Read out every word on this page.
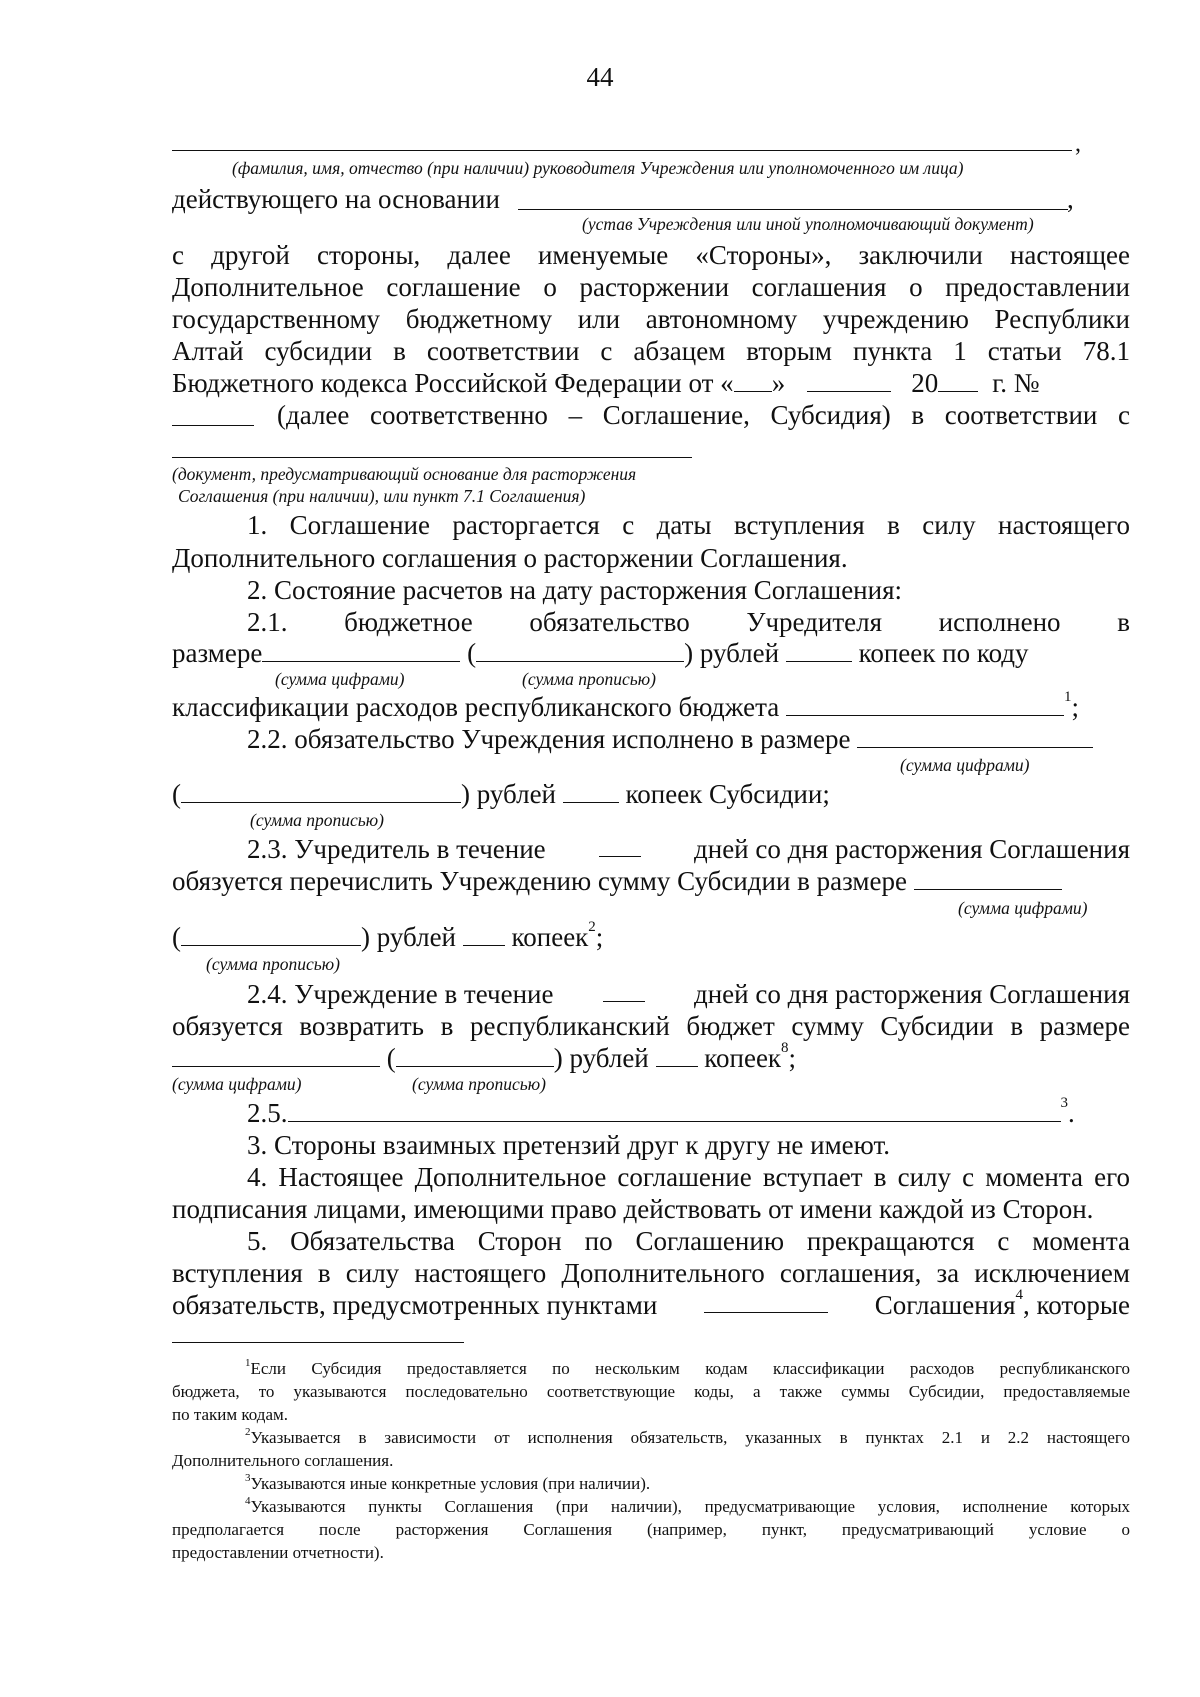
44
,
(фамилия, имя, отчество (при наличии) руководителя Учреждения или уполномоченного им лица)
действующего на основании	,
(устав Учреждения или иной уполномочивающий документ)
с другой стороны, далее именуемые «Стороны», заключили настоящее
Дополнительное соглашение о расторжении соглашения о предоставлении
государственному бюджетному или автономному учреждению Республики
Алтай субсидии в соответствии с абзацем вторым пункта 1 статьи 78.1
Бюджетного кодекса Российской Федерации от « »	20 г. №
(далее соответственно – Соглашение, Субсидия) в соответствии с
(документ, предусматривающий основание для расторжения
Соглашения (при наличии), или пункт 7.1 Соглашения)
1. Соглашение расторгается с даты вступления в силу настоящего
Дополнительного соглашения о расторжении Соглашения.
2. Состояние расчетов на дату расторжения Соглашения:
2.1. бюджетное обязательство Учредителя исполнено в
размере	(	) рублей	копеек по коду
(сумма цифрами)	(сумма прописью)
классификации расходов республиканского бюджета	$^1$;
2.2. обязательство Учреждения исполнено в размере
(сумма цифрами)
(	) рублей	копеек Субсидии;
(сумма прописью)
2.3. Учредитель в течение	дней со дня расторжения Соглашения
обязуется перечислить Учреждению сумму Субсидии в размере
(сумма цифрами)
(	) рублей копеек$^2$;
(сумма прописью)
2.4. Учреждение в течение	дней со дня расторжения Соглашения
обязуется возвратить в республиканский бюджет сумму Субсидии в размере
(	) рублей копеек$^8$;
(сумма цифрами)	(сумма прописью)
2.5.	$^3$.
3. Стороны взаимных претензий друг к другу не имеют.
4. Настоящее Дополнительное соглашение вступает в силу с момента его
подписания лицами, имеющими право действовать от имени каждой из Сторон.
5. Обязательства Сторон по Соглашению прекращаются с момента
вступления в силу настоящего Дополнительного соглашения, за исключением
обязательств, предусмотренных пунктами	Соглашения$^4$, которые
$^1$Если Субсидия предоставляется по нескольким кодам классификации расходов республиканского
бюджета, то указываются последовательно соответствующие коды, а также суммы Субсидии, предоставляемые
по таким кодам.
$^2$Указывается в зависимости от исполнения обязательств, указанных в пунктах 2.1 и 2.2 настоящего
Дополнительного соглашения.
$^3$Указываются иные конкретные условия (при наличии).
$^4$Указываются пункты Соглашения (при наличии), предусматривающие условия, исполнение которых
предполагается после расторжения Соглашения (например, пункт, предусматривающий условие о
предоставлении отчетности).
